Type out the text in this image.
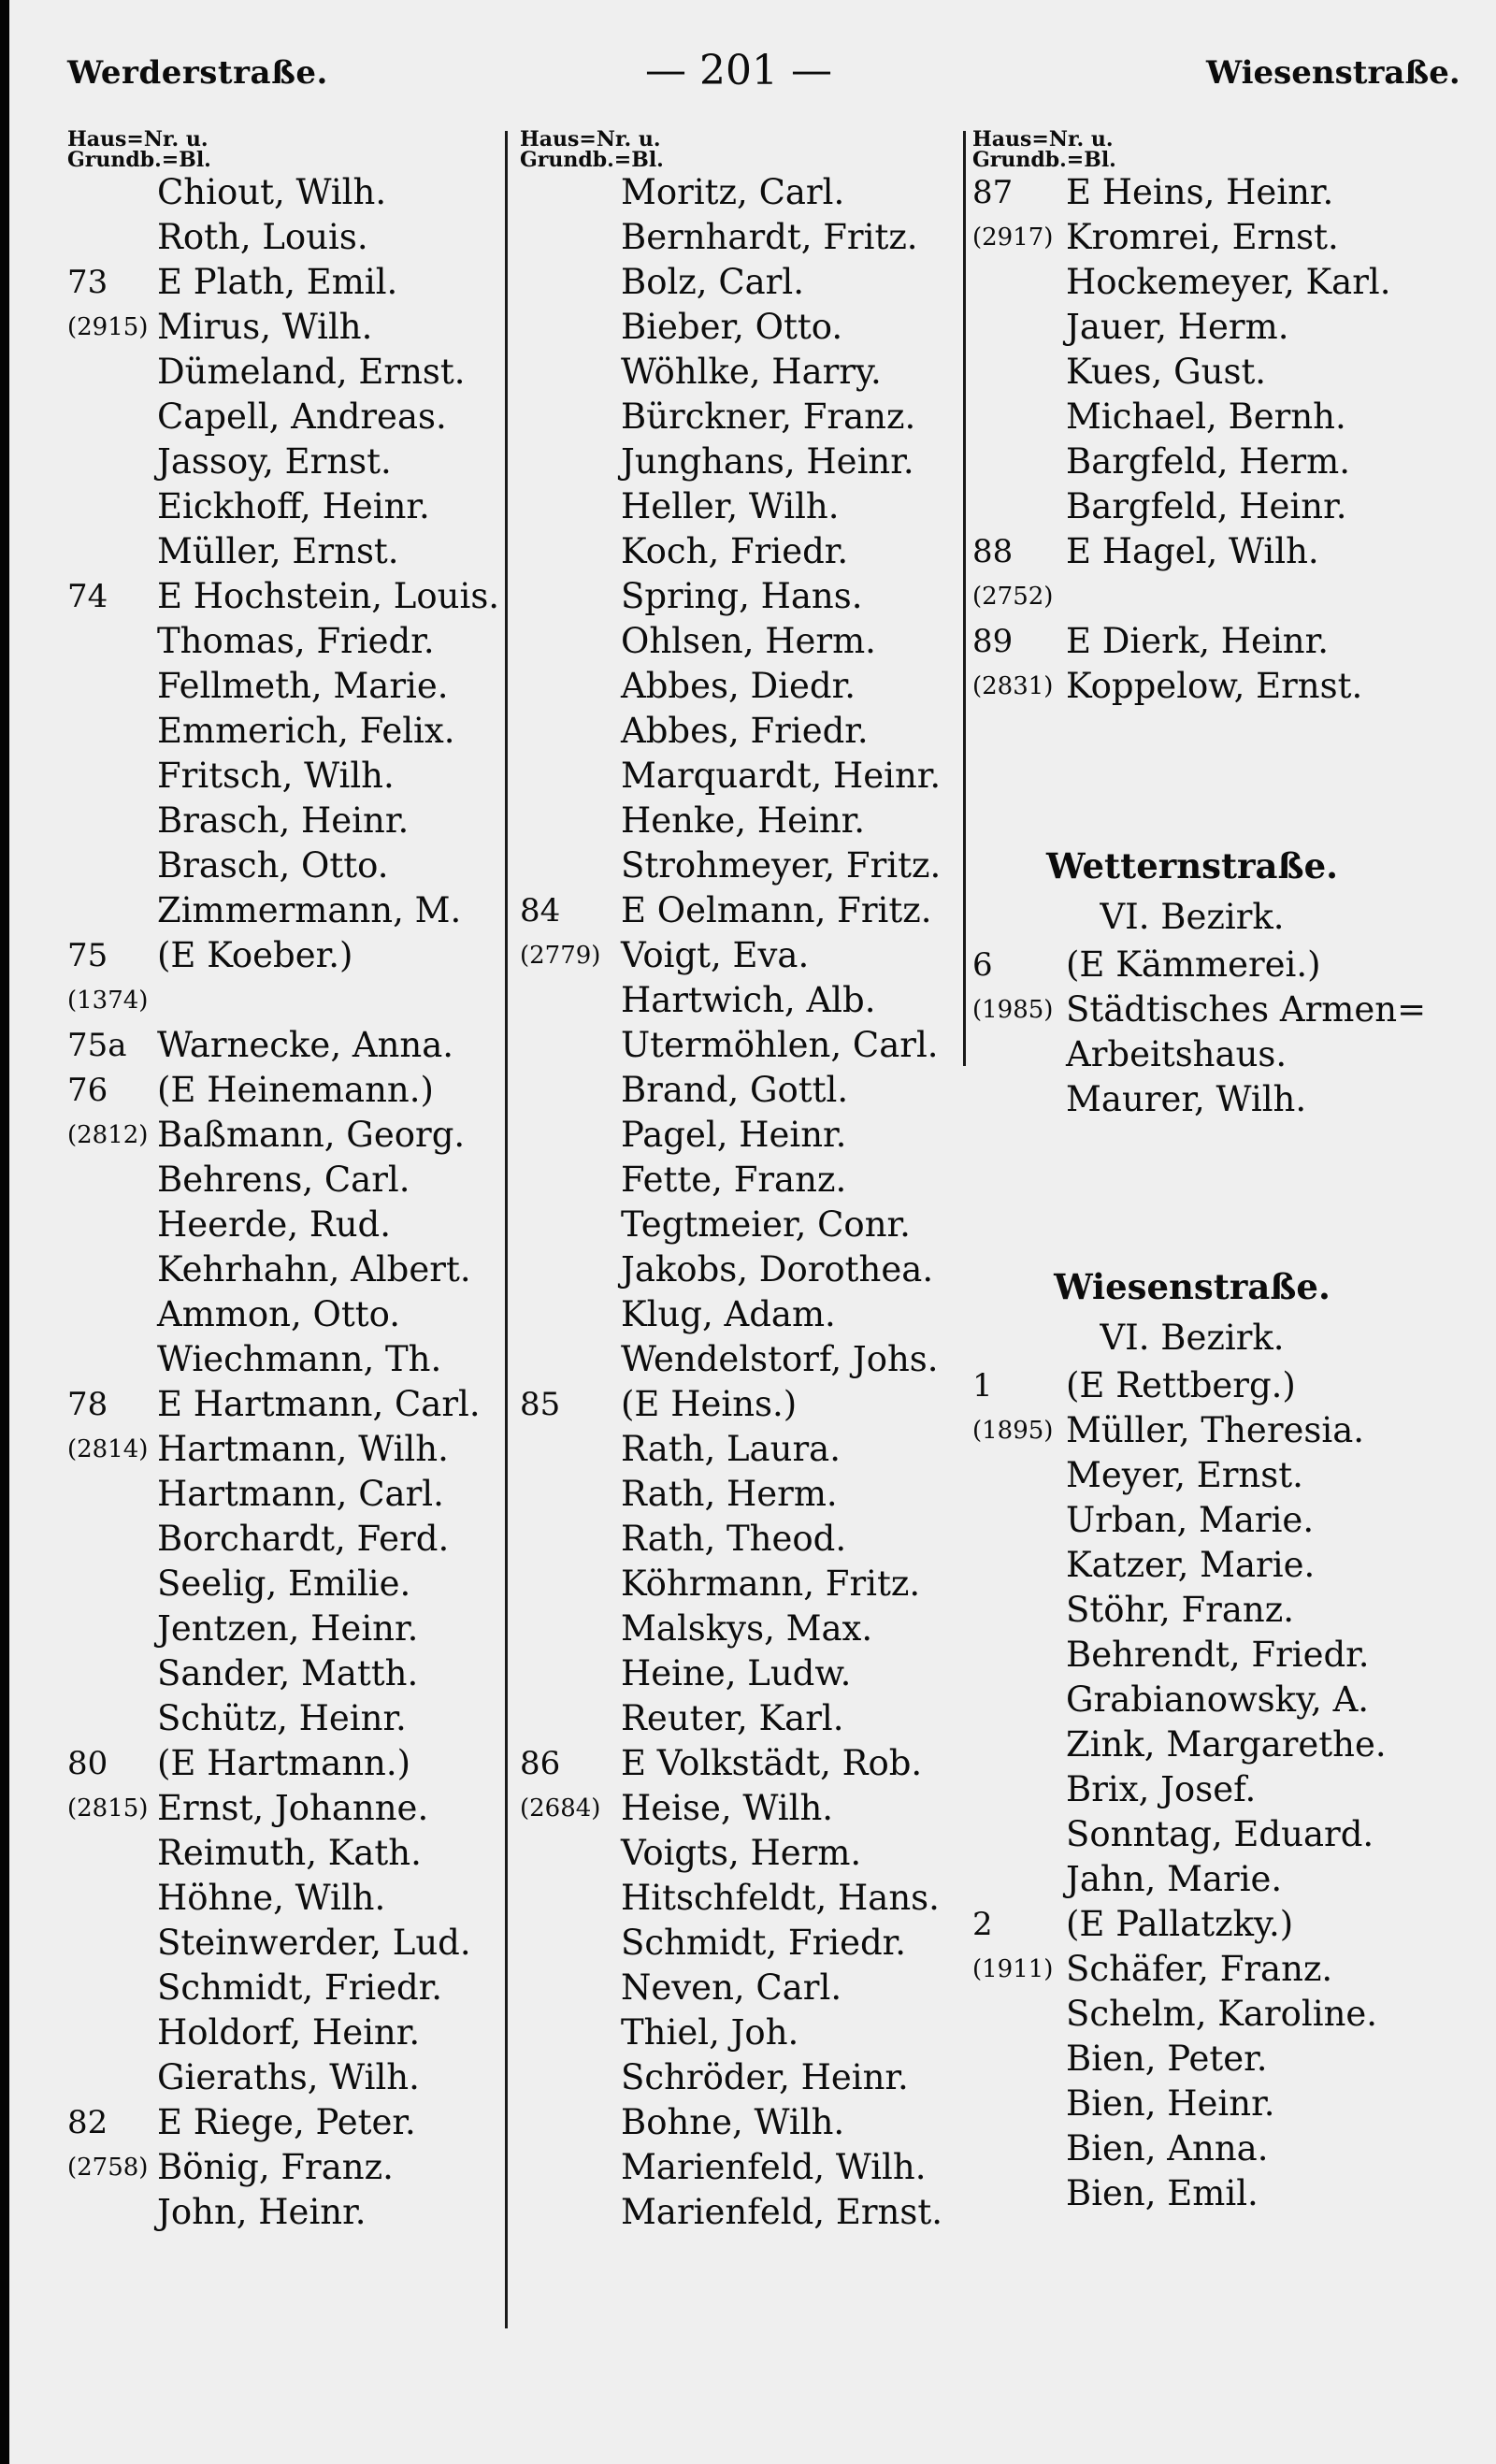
Werderstraße.	— 201 —	Wiesenstraße.
Haus=Nr. u.
Grundb.=Bl.
Chiout, Wilh.
Roth, Louis.
73 E Plath, Emil.
(2915) Mirus, Wilh.
Dümeland, Ernst.
Capell, Andreas.
Jassoy, Ernst.
Eickhoff, Heinr.
Müller, Ernst.
74 E Hochstein, Louis.
Thomas, Friedr.
Fellmeth, Marie.
Emmerich, Felix.
Fritsch, Wilh.
Brasch, Heinr.
Brasch, Otto.
Zimmermann, M.
75 (E Koeber.)
(1374)
75a Warnecke, Anna.
76 (E Heinemann.)
(2812) Baßmann, Georg.
Behrens, Carl.
Heerde, Rud.
Kehrhahn, Albert.
Ammon, Otto.
Wiechmann, Th.
78 E Hartmann, Carl.
(2814) Hartmann, Wilh.
Hartmann, Carl.
Borchardt, Ferd.
Seelig, Emilie.
Jentzen, Heinr.
Sander, Matth.
Schütz, Heinr.
80 (E Hartmann.)
(2815) Ernst, Johanne.
Reimuth, Kath.
Höhne, Wilh.
Steinwerder, Lud.
Schmidt, Friedr.
Holdorf, Heinr.
Gieraths, Wilh.
82 E Riege, Peter.
(2758) Bönig, Franz.
John, Heinr.
Haus=Nr. u.
Grundb.=Bl.
Moritz, Carl.
Bernhardt, Fritz.
Bolz, Carl.
Bieber, Otto.
Wöhlke, Harry.
Bürckner, Franz.
Junghans, Heinr.
Heller, Wilh.
Koch, Friedr.
Spring, Hans.
Ohlsen, Herm.
Abbes, Diedr.
Abbes, Friedr.
Marquardt, Heinr.
Henke, Heinr.
Strohmeyer, Fritz.
84 E Oelmann, Fritz.
(2779) Voigt, Eva.
Hartwich, Alb.
Utermöhlen, Carl.
Brand, Gottl.
Pagel, Heinr.
Fette, Franz.
Tegtmeier, Conr.
Jakobs, Dorothea.
Klug, Adam.
Wendelstorf, Johs.
85 (E Heins.)
Rath, Laura.
Rath, Herm.
Rath, Theod.
Köhrmann, Fritz.
Malskys, Max.
Heine, Ludw.
Reuter, Karl.
86 E Volkstädt, Rob.
(2684) Heise, Wilh.
Voigts, Herm.
Hitschfeldt, Hans.
Schmidt, Friedr.
Neven, Carl.
Thiel, Joh.
Schröder, Heinr.
Bohne, Wilh.
Marienfeld, Wilh.
Marienfeld, Ernst.
Haus=Nr. u.
Grundb.=Bl.
87 E Heins, Heinr.
(2917) Kromrei, Ernst.
Hockemeyer, Karl.
Jauer, Herm.
Kues, Gust.
Michael, Bernh.
Bargfeld, Herm.
Bargfeld, Heinr.
88 E Hagel, Wilh.
(2752)
89 E Dierk, Heinr.
(2831) Koppelow, Ernst.
Wetternstraße.
VI. Bezirk.
6 (E Kämmerei.)
(1985) Städtisches Armen=
Arbeitshaus.
Maurer, Wilh.
Wiesenstraße.
VI. Bezirk.
1 (E Rettberg.)
(1895) Müller, Theresia.
Meyer, Ernst.
Urban, Marie.
Katzer, Marie.
Stöhr, Franz.
Behrendt, Friedr.
Grabianowsky, A.
Zink, Margarethe.
Brix, Josef.
Sonntag, Eduard.
Jahn, Marie.
2 (E Pallatzky.)
(1911) Schäfer, Franz.
Schelm, Karoline.
Bien, Peter.
Bien, Heinr.
Bien, Anna.
Bien, Emil.
